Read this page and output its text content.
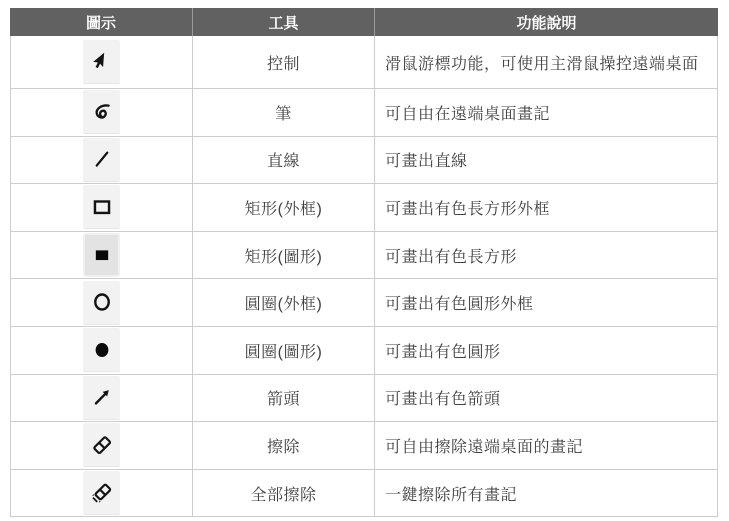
圖示	工具	功能說明
控制	滑鼠游標功能，可使用主滑鼠操控遠端桌面
筆	可自由在遠端桌面畫記
直線	可畫出直線
矩形(外框)	可畫出有色長方形外框
矩形(圖形)	可畫出有色長方形
圓圈(外框)	可畫出有色圓形外框
圓圈(圖形)	可畫出有色圓形
箭頭	可畫出有色箭頭
擦除	可自由擦除遠端桌面的畫記
全部擦除	一鍵擦除所有畫記
